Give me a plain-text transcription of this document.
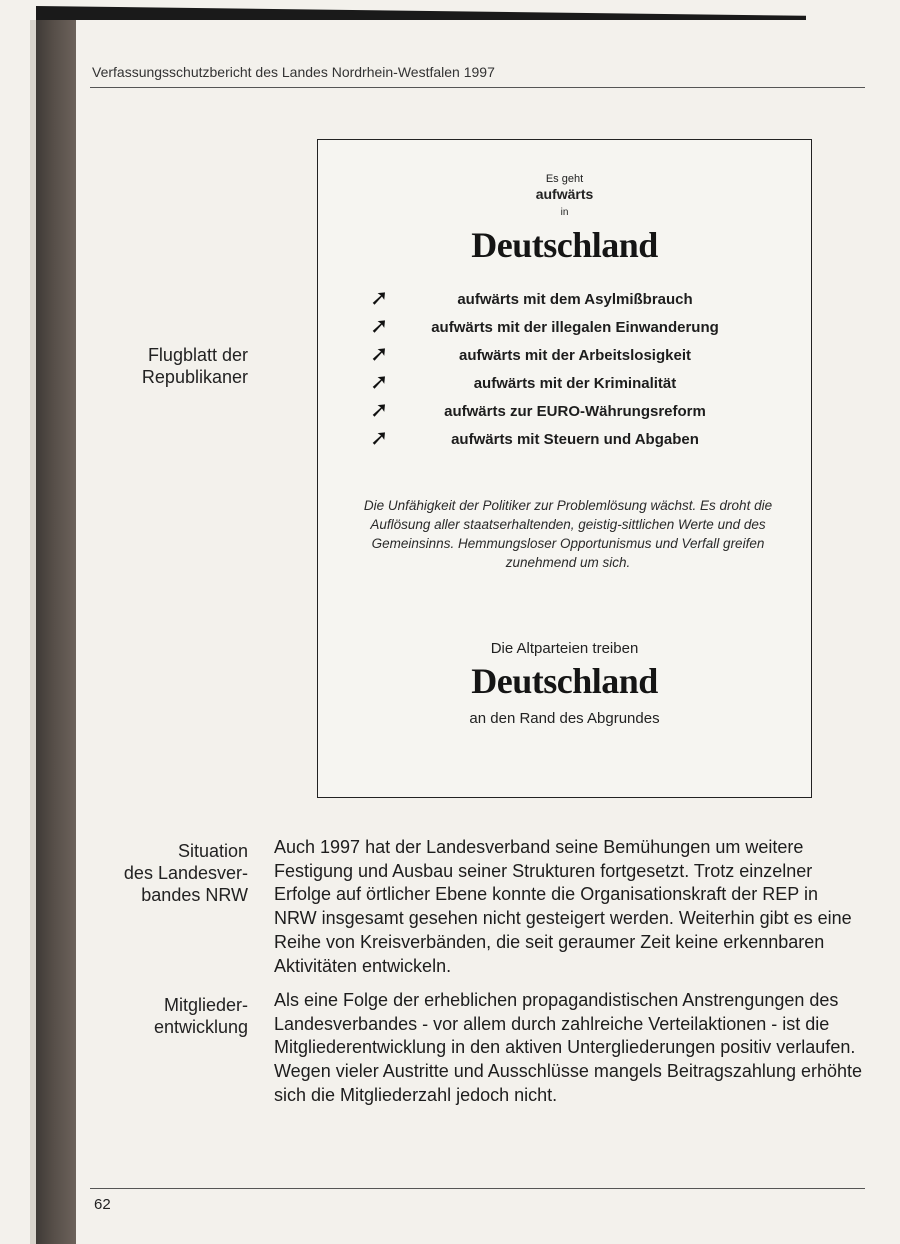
Verfassungsschutzbericht des Landes Nordrhein-Westfalen 1997
Es geht
aufwärts
in
Deutschland
➚	aufwärts mit dem Asylmißbrauch
➚	aufwärts mit der illegalen Einwanderung
➚	aufwärts mit der Arbeitslosigkeit
➚	aufwärts mit der Kriminalität
➚	aufwärts zur EURO-Währungsreform
➚	aufwärts mit Steuern und Abgaben
Die Unfähigkeit der Politiker zur Problemlösung wächst. Es droht die Auflösung aller staatserhaltenden, geistig-sittlichen Werte und des Gemeinsinns. Hemmungsloser Opportunismus und Verfall greifen zunehmend um sich.
Die Altparteien treiben
Deutschland
an den Rand des Abgrundes
Flugblatt der
Republikaner
Situation
des Landesver-
bandes NRW
Mitglieder-
entwicklung
Auch 1997 hat der Landesverband seine Bemühungen um weitere Festigung und Ausbau seiner Strukturen fortgesetzt. Trotz einzelner Erfolge auf örtlicher Ebene konnte die Organisationskraft der REP in NRW insgesamt gesehen nicht gesteigert werden. Weiterhin gibt es eine Reihe von Kreisverbänden, die seit geraumer Zeit keine erkennbaren Aktivitäten entwickeln.
Als eine Folge der erheblichen propagandistischen Anstrengungen des Landesverbandes - vor allem durch zahlreiche Verteilaktionen - ist die Mitgliederentwicklung in den aktiven Untergliederungen positiv verlaufen. Wegen vieler Austritte und Ausschlüsse mangels Beitragszahlung erhöhte sich die Mitgliederzahl jedoch nicht.
62
